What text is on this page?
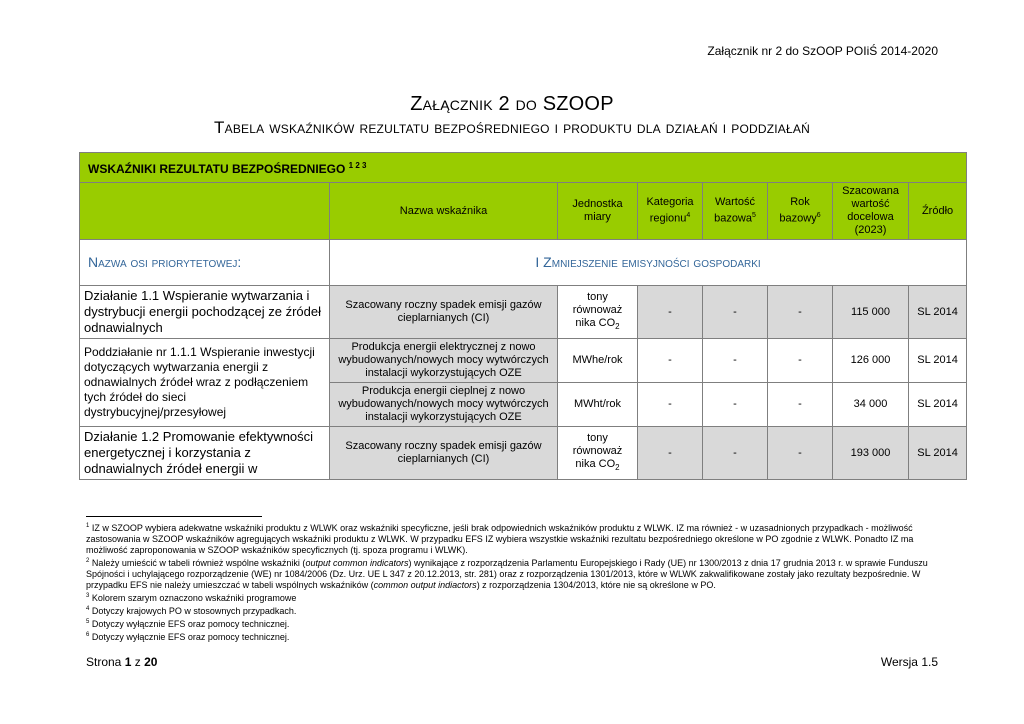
Załącznik nr 2 do SzOOP POIiŚ 2014-2020
Załącznik 2 do SZOOP
Tabela wskaźników rezultatu bezpośredniego i produktu dla działań i poddziałań
WSKAŹNIKI REZULTATU BEZPOŚREDNIEGO $^{1 2 3}$
	Nazwa wskaźnika	Jednostka miary	Kategoria regionu$^4$	Wartość bazowa$^5$	Rok bazowy$^6$	Szacowana wartość docelowa (2023)	Źródło
Nazwa osi priorytetowej:	I Zmniejszenie emisyjności gospodarki						
Działanie 1.1 Wspieranie wytwarzania i dystrybucji energii pochodzącej ze źródeł odnawialnych	Szacowany roczny spadek emisji gazów cieplarnianych (CI)	tony równoważ nika $CO_2$	-	-	-	115 000	SL 2014
Poddziałanie nr 1.1.1 Wspieranie inwestycji dotyczących wytwarzania energii z odnawialnych źródeł wraz z podłączeniem tych źródeł do sieci dystrybucyjnej/przesyłowej	Produkcja energii elektrycznej z nowo wybudowanych/nowych mocy wytwórczych instalacji wykorzystujących OZE	MWhe/rok	-	-	-	126 000	SL 2014
	Produkcja energii cieplnej z nowo wybudowanych/nowych mocy wytwórczych instalacji wykorzystujących OZE	MWht/rok	-	-	-	34 000	SL 2014
Działanie 1.2 Promowanie efektywności energetycznej i korzystania z odnawialnych źródeł energii w	Szacowany roczny spadek emisji gazów cieplarnianych (CI)	tony równoważ nika $CO_2$	-	-	-	193 000	SL 2014

$^1$ IZ w SZOOP wybiera adekwatne wskaźniki produktu z WLWK oraz wskaźniki specyficzne, jeśli brak odpowiednich wskaźników produktu z WLWK. IZ ma również - w uzasadnionych przypadkach - możliwość zastosowania w SZOOP wskaźników agregujących wskaźniki produktu z WLWK. W przypadku EFS IZ wybiera wszystkie wskaźniki rezultatu bezpośredniego określone w PO zgodnie z WLWK. Ponadto IZ ma możliwość zaproponowania w SZOOP wskaźników specyficznych (tj. spoza programu i WLWK).

$^2$ Należy umieścić w tabeli również wspólne wskaźniki (output common indicators) wynikające z rozporządzenia Parlamentu Europejskiego i Rady (UE) nr 1300/2013 z dnia 17 grudnia 2013 r. w sprawie Funduszu Spójności i uchylającego rozporządzenie (WE) nr 1084/2006 (Dz. Urz. UE L 347 z 20.12.2013, str. 281) oraz z rozporządzenia 1301/2013, które w WLWK zakwalifikowane zostały jako rezultaty bezpośrednie. W przypadku EFS nie należy umieszczać w tabeli wspólnych wskaźników (common output indiactors) z rozporządzenia 1304/2013, które nie są określone w PO.

$^3$ Kolorem szarym oznaczono wskaźniki programowe

$^4$ Dotyczy krajowych PO w stosownych przypadkach.

$^5$ Dotyczy wyłącznie EFS oraz pomocy technicznej.

$^6$ Dotyczy wyłącznie EFS oraz pomocy technicznej.

Strona 1 z 20	Wersja 1.5
